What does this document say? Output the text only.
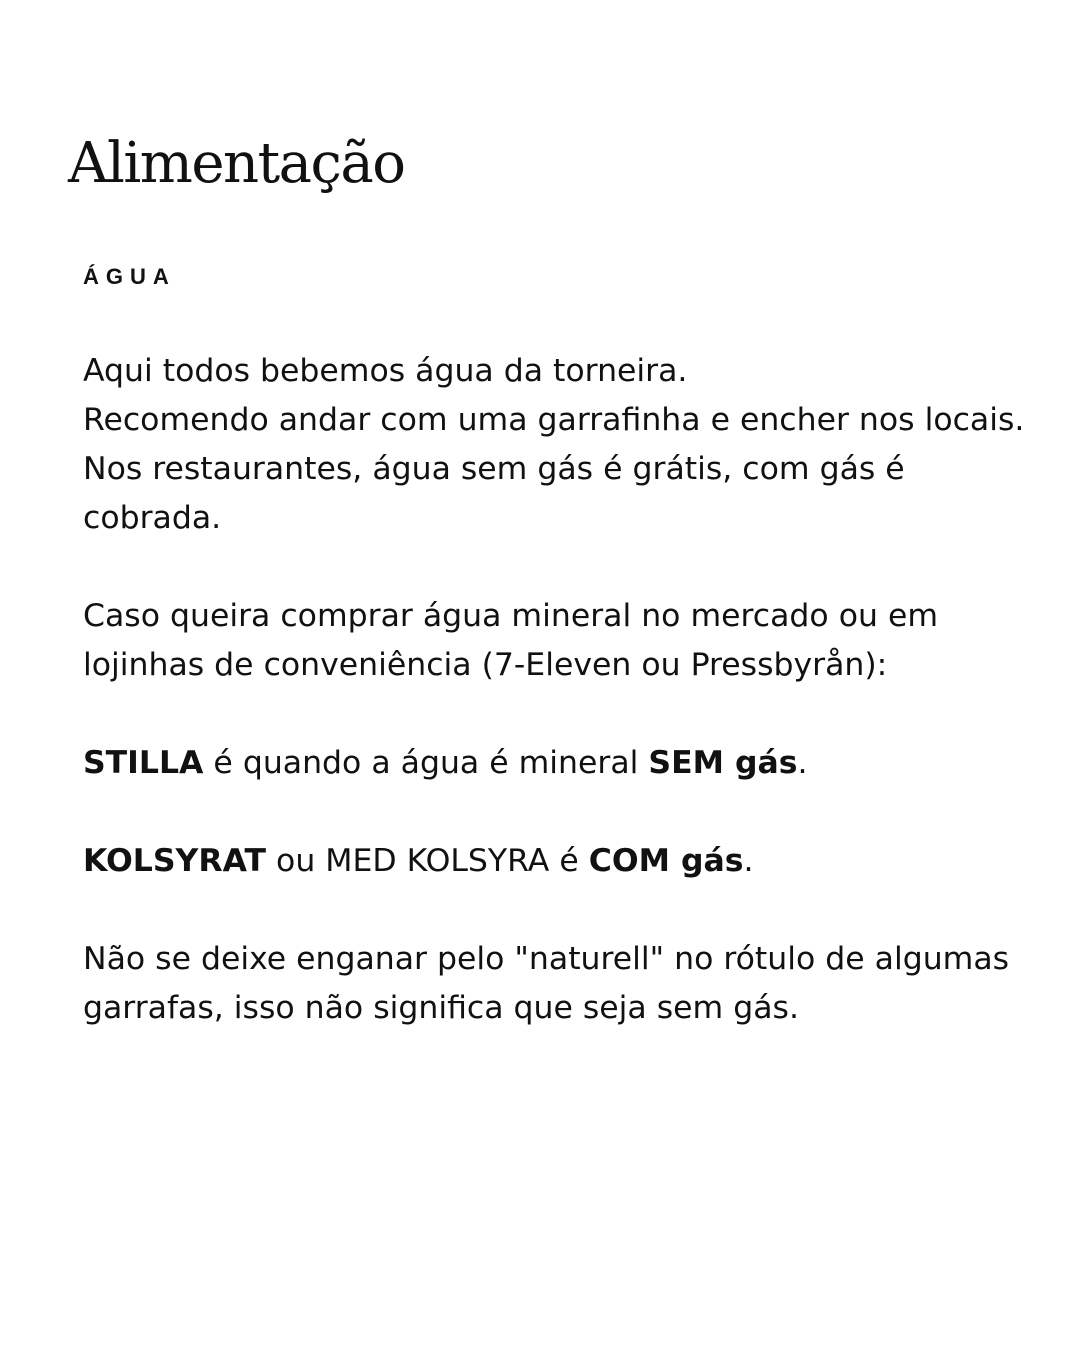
Alimentação
ÁGUA

Aqui todos bebemos água da torneira.

Recomendo andar com uma garrafinha e encher nos locais. Nos restaurantes, água sem gás é grátis, com gás é cobrada.

Caso queira comprar água mineral no mercado ou em lojinhas de conveniência (7-Eleven ou Pressbyrån):

STILLA é quando a água é mineral SEM gás.

KOLSYRAT ou MED KOLSYRA é COM gás.

Não se deixe enganar pelo "naturell" no rótulo de algumas garrafas, isso não significa que seja sem gás.
